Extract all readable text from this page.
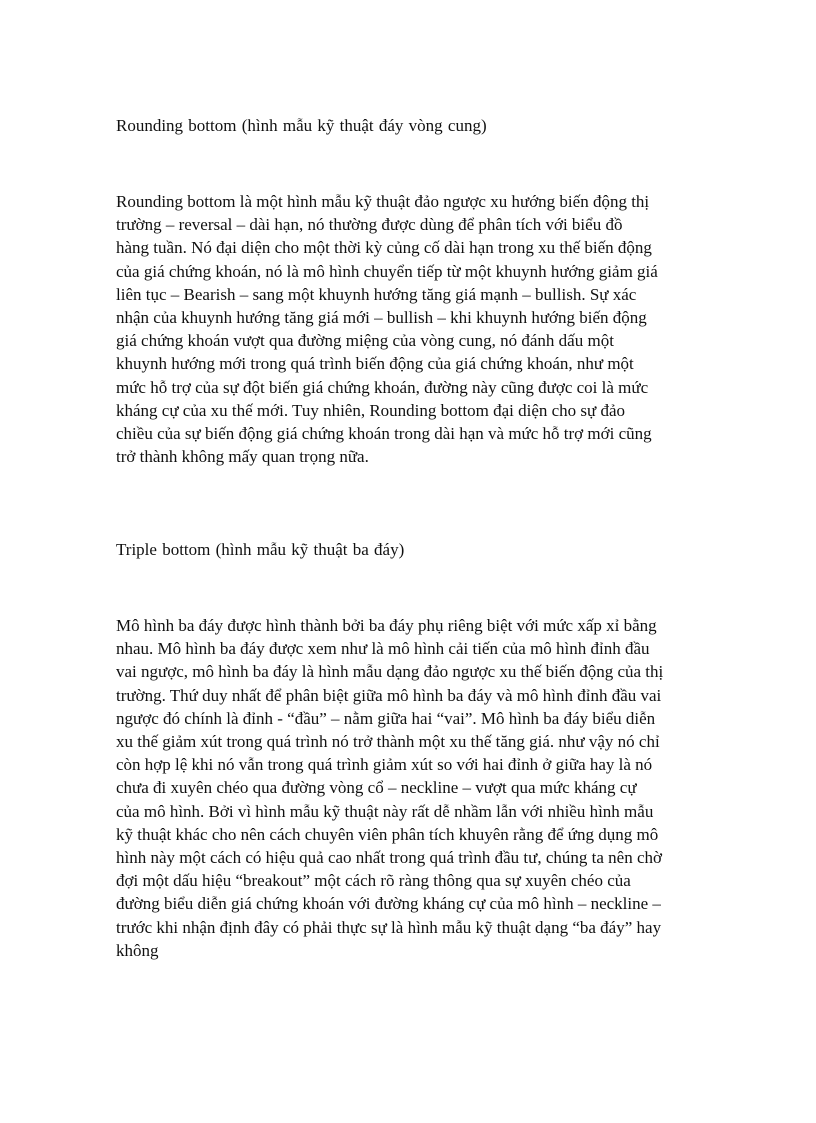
Rounding bottom (hình mẫu kỹ thuật đáy vòng cung)
Rounding bottom là một hình mẫu kỹ thuật đảo ngược xu hướng biến động thị
trường – reversal – dài hạn, nó thường được dùng để phân tích với biểu đồ
hàng tuần. Nó đại diện cho một thời kỳ củng cố dài hạn trong xu thế biến động
của giá chứng khoán, nó là mô hình chuyển tiếp từ một khuynh hướng giảm giá
liên tục – Bearish – sang một khuynh hướng tăng giá mạnh – bullish. Sự xác
nhận của khuynh hướng tăng giá mới – bullish – khi khuynh hướng biến động
giá chứng khoán vượt qua đường miệng của vòng cung, nó đánh dấu một
khuynh hướng mới trong quá trình biến động của giá chứng khoán, như một
mức hỗ trợ của sự đột biến giá chứng khoán, đường này cũng được coi là mức
kháng cự của xu thế mới. Tuy nhiên, Rounding bottom đại diện cho sự đảo
chiều của sự biến động giá chứng khoán trong dài hạn và mức hỗ trợ mới cũng
trở thành không mấy quan trọng nữa.
Triple bottom (hình mẫu kỹ thuật ba đáy)
Mô hình ba đáy được hình thành bởi ba đáy phụ riêng biệt với mức xấp xỉ bằng
nhau. Mô hình ba đáy được xem như là mô hình cải tiến của mô hình đỉnh đầu
vai ngược, mô hình ba đáy là hình mẫu dạng đảo ngược xu thế biến động của thị
trường. Thứ duy nhất để phân biệt giữa mô hình ba đáy và mô hình đỉnh đầu vai
ngược đó chính là đỉnh - “đầu” – nằm giữa hai “vai”. Mô hình ba đáy biểu diễn
xu thế giảm xút trong quá trình nó trở thành một xu thế tăng giá. như vậy nó chỉ
còn hợp lệ khi nó vẫn trong quá trình giảm xút so với hai đỉnh ở giữa hay là nó
chưa đi xuyên chéo qua đường vòng cổ – neckline – vượt qua mức kháng cự
của mô hình. Bởi vì hình mẫu kỹ thuật này rất dễ nhầm lẫn với nhiều hình mẫu
kỹ thuật khác cho nên cách chuyên viên phân tích khuyên rằng để ứng dụng mô
hình này một cách có hiệu quả cao nhất trong quá trình đầu tư, chúng ta nên chờ
đợi một dấu hiệu “breakout” một cách rõ ràng thông qua sự xuyên chéo của
đường biểu diễn giá chứng khoán với đường kháng cự của mô hình – neckline –
trước khi nhận định đây có phải thực sự là hình mẫu kỹ thuật dạng “ba đáy” hay
không
